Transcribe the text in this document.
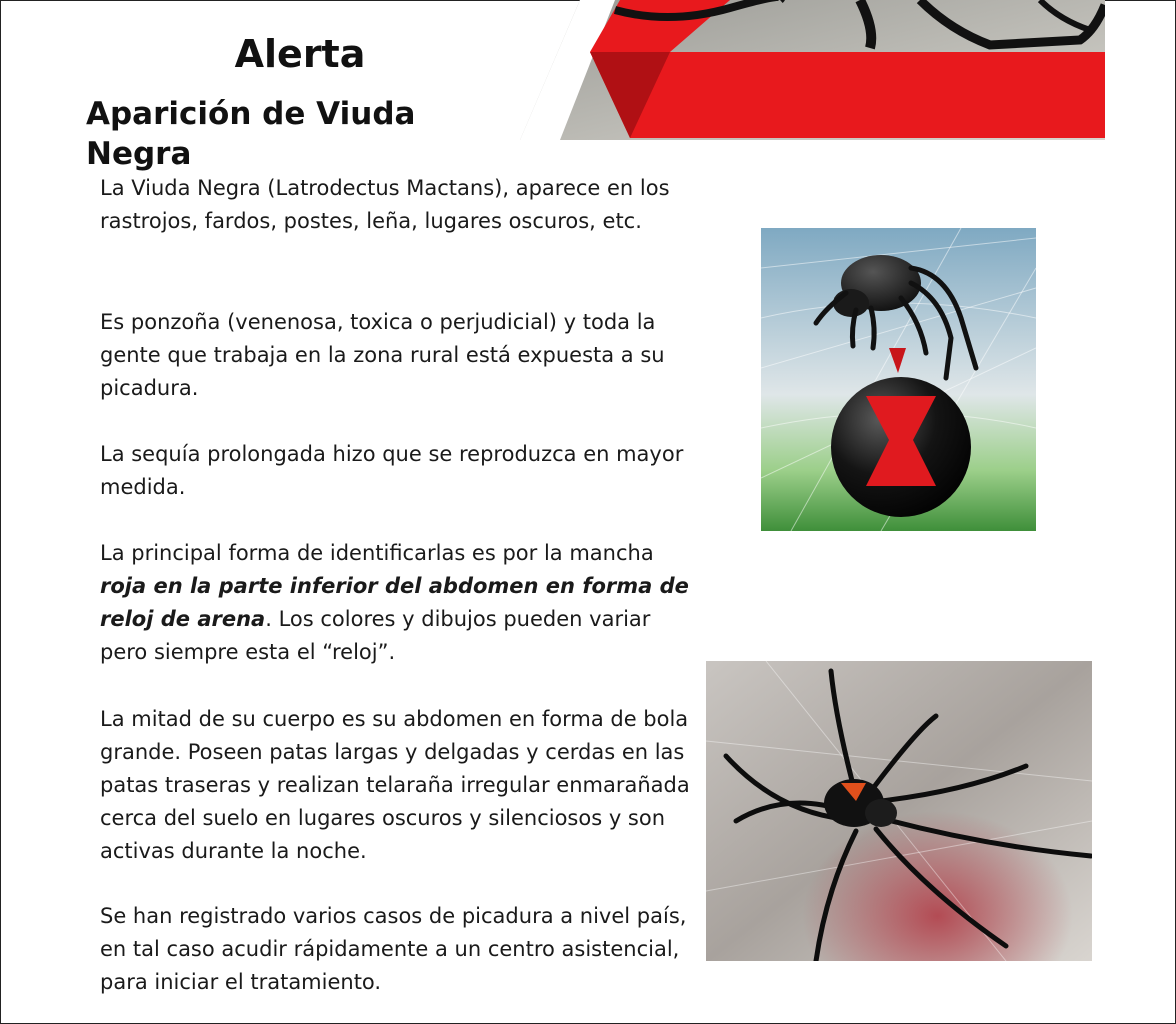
Alerta
Aparición de Viuda Negra

La Viuda Negra (Latrodectus Mactans), aparece en los rastrojos, fardos, postes, leña, lugares oscuros, etc.

Es ponzoña (venenosa, toxica o perjudicial) y toda la gente que trabaja en la zona rural está expuesta a su picadura.

La sequía prolongada hizo que se reproduzca en mayor medida.

La principal forma de identificarlas es por la mancha roja en la parte inferior del abdomen en forma de reloj de arena. Los colores y dibujos pueden variar pero siempre esta el “reloj”.

La mitad de su cuerpo es su abdomen en forma de bola grande. Poseen patas largas y delgadas y cerdas en las patas traseras y realizan telaraña irregular enmarañada cerca del suelo en lugares oscuros y silenciosos y son activas durante la noche.

Se han registrado varios casos de picadura a nivel país, en tal caso acudir rápidamente a un centro asistencial, para iniciar el tratamiento.
